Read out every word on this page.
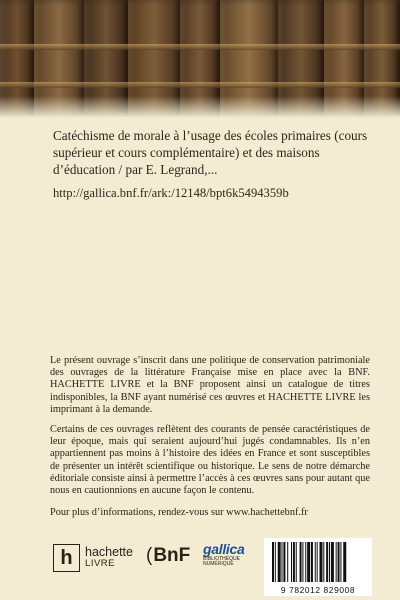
Catéchisme de morale à l’usage des écoles primaires (cours supérieur et cours complémentaire) et des maisons d’éducation / par E. Legrand,...

http://gallica.bnf.fr/ark:/12148/bpt6k5494359b

Le présent ouvrage s’inscrit dans une politique de conservation patrimoniale des ouvrages de la littérature Française mise en place avec la BNF. HACHETTE LIVRE et la BNF proposent ainsi un catalogue de titres indisponibles, la BNF ayant numérisé ces œuvres et HACHETTE LIVRE les imprimant à la demande.

Certains de ces ouvrages reflètent des courants de pensée caractéristiques de leur époque, mais qui seraient aujourd’hui jugés condamnables. Ils n’en appartiennent pas moins à l’histoire des idées en France et sont susceptibles de présenter un intérêt scientifique ou historique. Le sens de notre démarche éditoriale consiste ainsi à permettre l’accès à ces œuvres sans pour autant que nous en cautionnions en aucune façon le contenu.

Pour plus d’informations, rendez-vous sur www.hachettebnf.fr

h hachette
LIVRE	(BnF gallica
BIBLIOTHÈQUE NUMÉRIQUE
9 782012 829008
